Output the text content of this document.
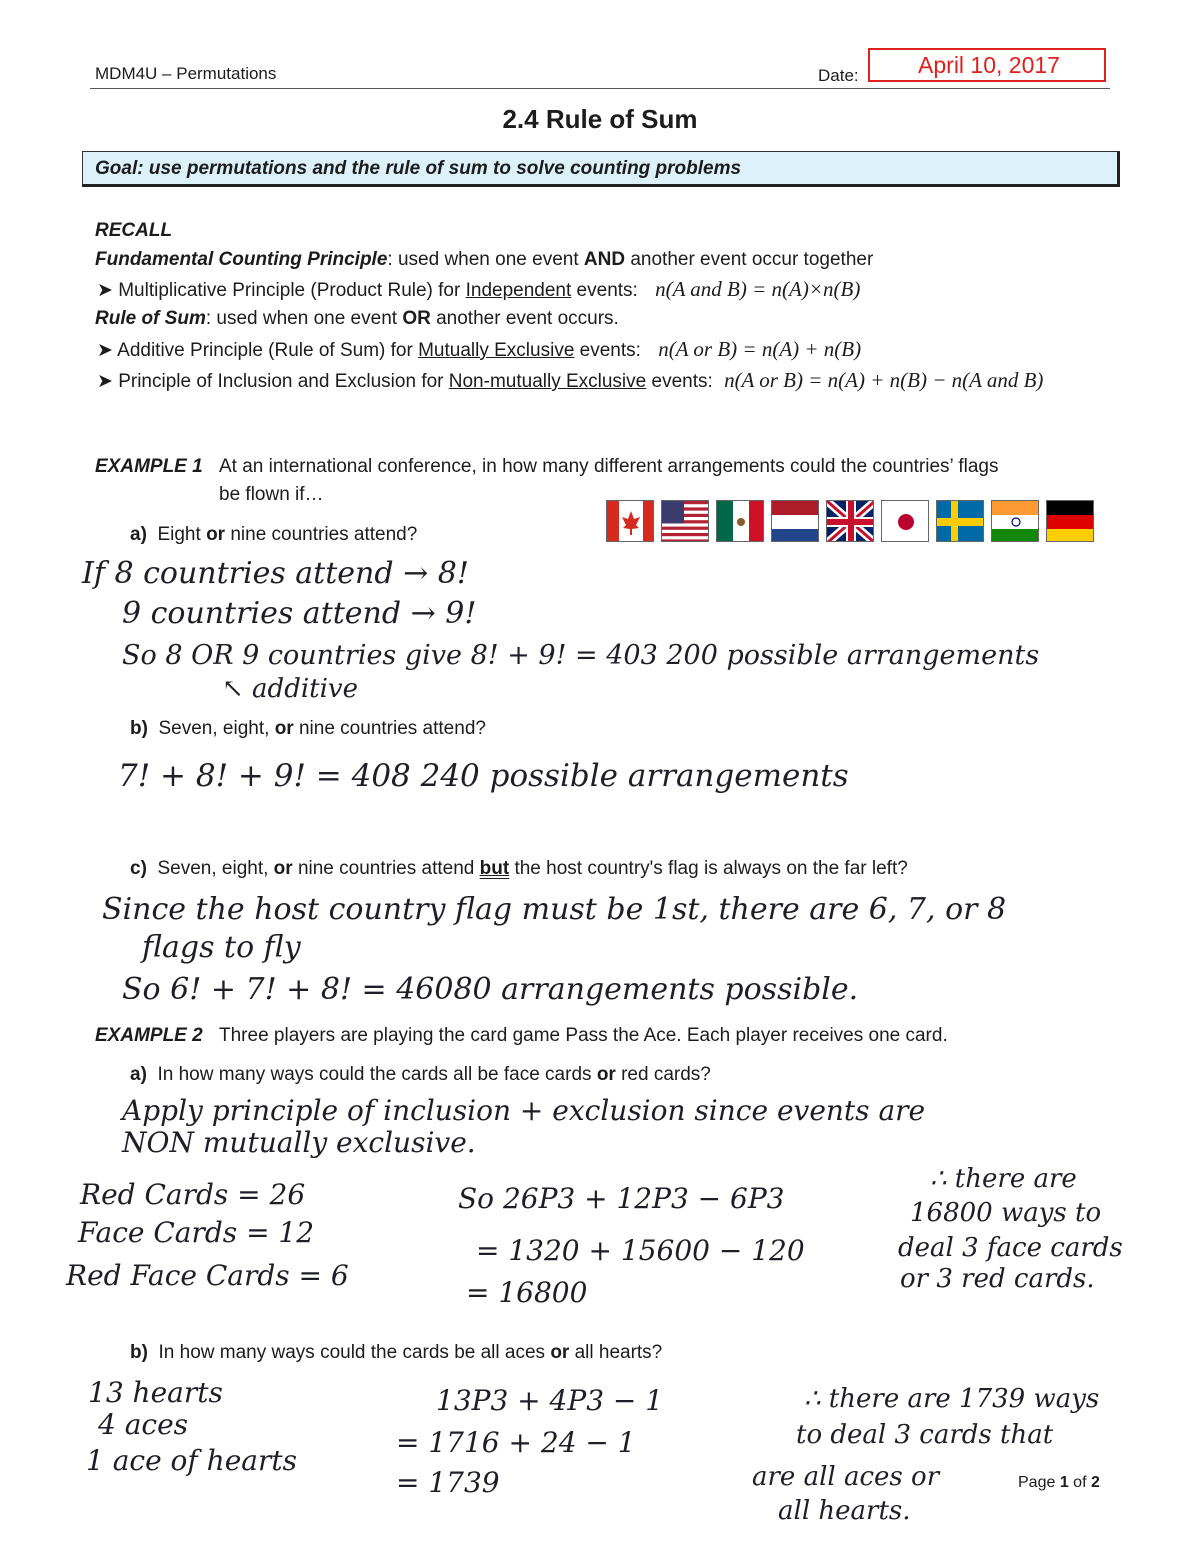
MDM4U – Permutations	Date:	April 10, 2017
2.4 Rule of Sum
Goal: use permutations and the rule of sum to solve counting problems
RECALL
Fundamental Counting Principle: used when one event AND another event occur together
➤ Multiplicative Principle (Product Rule) for Independent events: n(A and B) = n(A)×n(B)
Rule of Sum: used when one event OR another event occurs.
➤ Additive Principle (Rule of Sum) for Mutually Exclusive events: n(A or B) = n(A) + n(B)
➤ Principle of Inclusion and Exclusion for Non-mutually Exclusive events: n(A or B) = n(A) + n(B) − n(A and B)
EXAMPLE 1 At an international conference, in how many different arrangements could the countries’ flags
be flown if…
a) Eight or nine countries attend?
If 8 countries attend → 8!
9 countries attend → 9!
So 8 OR 9 countries give 8! + 9! = 403 200 possible arrangements
↖ additive
b) Seven, eight, or nine countries attend?
7! + 8! + 9! = 408 240 possible arrangements
c) Seven, eight, or nine countries attend but the host country's flag is always on the far left?
Since the host country flag must be 1st, there are 6, 7, or 8
flags to fly
So 6! + 7! + 8! = 46080 arrangements possible.
EXAMPLE 2 Three players are playing the card game Pass the Ace. Each player receives one card.
a) In how many ways could the cards all be face cards or red cards?
Apply principle of inclusion + exclusion since events are
NON mutually exclusive.
Red Cards = 26
Face Cards = 12
Red Face Cards = 6
So 26P3 + 12P3 − 6P3
= 1320 + 15600 − 120
= 16800
∴ there are
16800 ways to
deal 3 face cards
or 3 red cards.
b) In how many ways could the cards be all aces or all hearts?
13 hearts
4 aces
1 ace of hearts
13P3 + 4P3 − 1
= 1716 + 24 − 1
= 1739
∴ there are 1739 ways
to deal 3 cards that
are all aces or
all hearts.
Page 1 of 2
